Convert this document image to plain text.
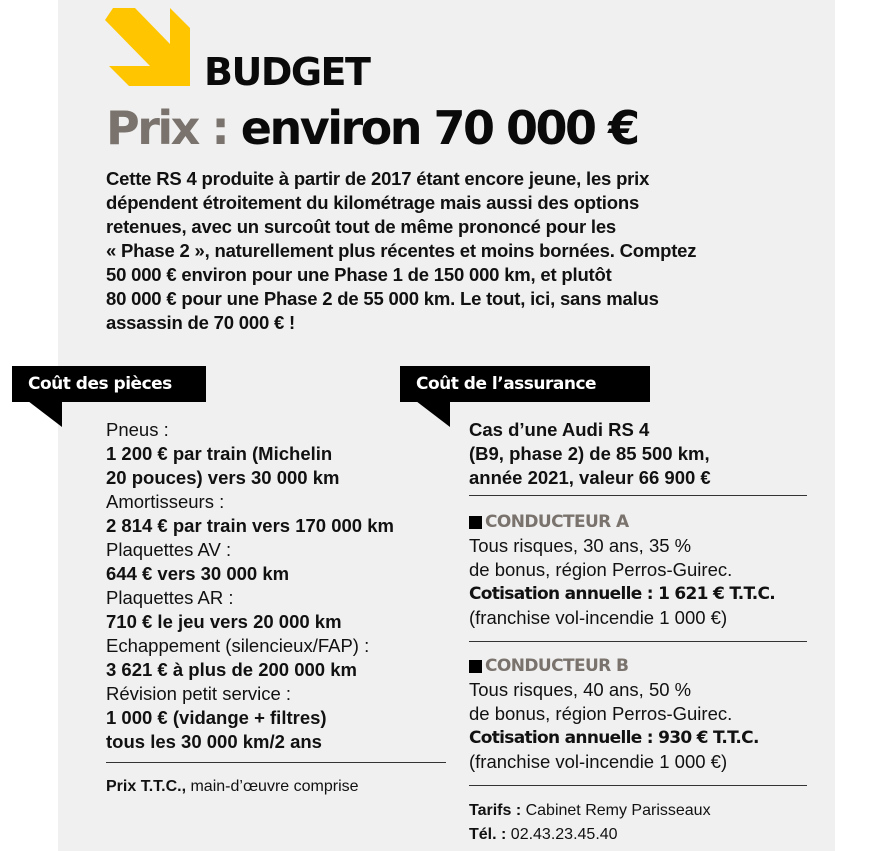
BUDGET
Prix : environ 70 000 €

Cette RS 4 produite à partir de 2017 étant encore jeune, les prix

dépendent étroitement du kilométrage mais aussi des options

retenues, avec un surcoût tout de même prononcé pour les

« Phase 2 », naturellement plus récentes et moins bornées. Comptez

50 000 € environ pour une Phase 1 de 150 000 km, et plutôt

80 000 € pour une Phase 2 de 55 000 km. Le tout, ici, sans malus

assassin de 70 000 € !

Coût des pièces	Coût de l’assurance
Pneus :
1 200 € par train (Michelin
20 pouces) vers 30 000 km
Amortisseurs :
2 814 € par train vers 170 000 km
Plaquettes AV :
644 € vers 30 000 km
Plaquettes AR :
710 € le jeu vers 20 000 km
Echappement (silencieux/FAP) :
3 621 € à plus de 200 000 km
Révision petit service :
1 000 € (vidange + filtres)
tous les 30 000 km/2 ans
Prix T.T.C., main-d’œuvre comprise
Cas d’une Audi RS 4
(B9, phase 2) de 85 500 km,
année 2021, valeur 66 900 €
CONDUCTEUR A
Tous risques, 30 ans, 35 %
de bonus, région Perros-Guirec.
Cotisation annuelle : 1 621 € T.T.C.
(franchise vol-incendie 1 000 €)
CONDUCTEUR B
Tous risques, 40 ans, 50 %
de bonus, région Perros-Guirec.
Cotisation annuelle : 930 € T.T.C.
(franchise vol-incendie 1 000 €)
Tarifs : Cabinet Remy Parisseaux
Tél. : 02.43.23.45.40
